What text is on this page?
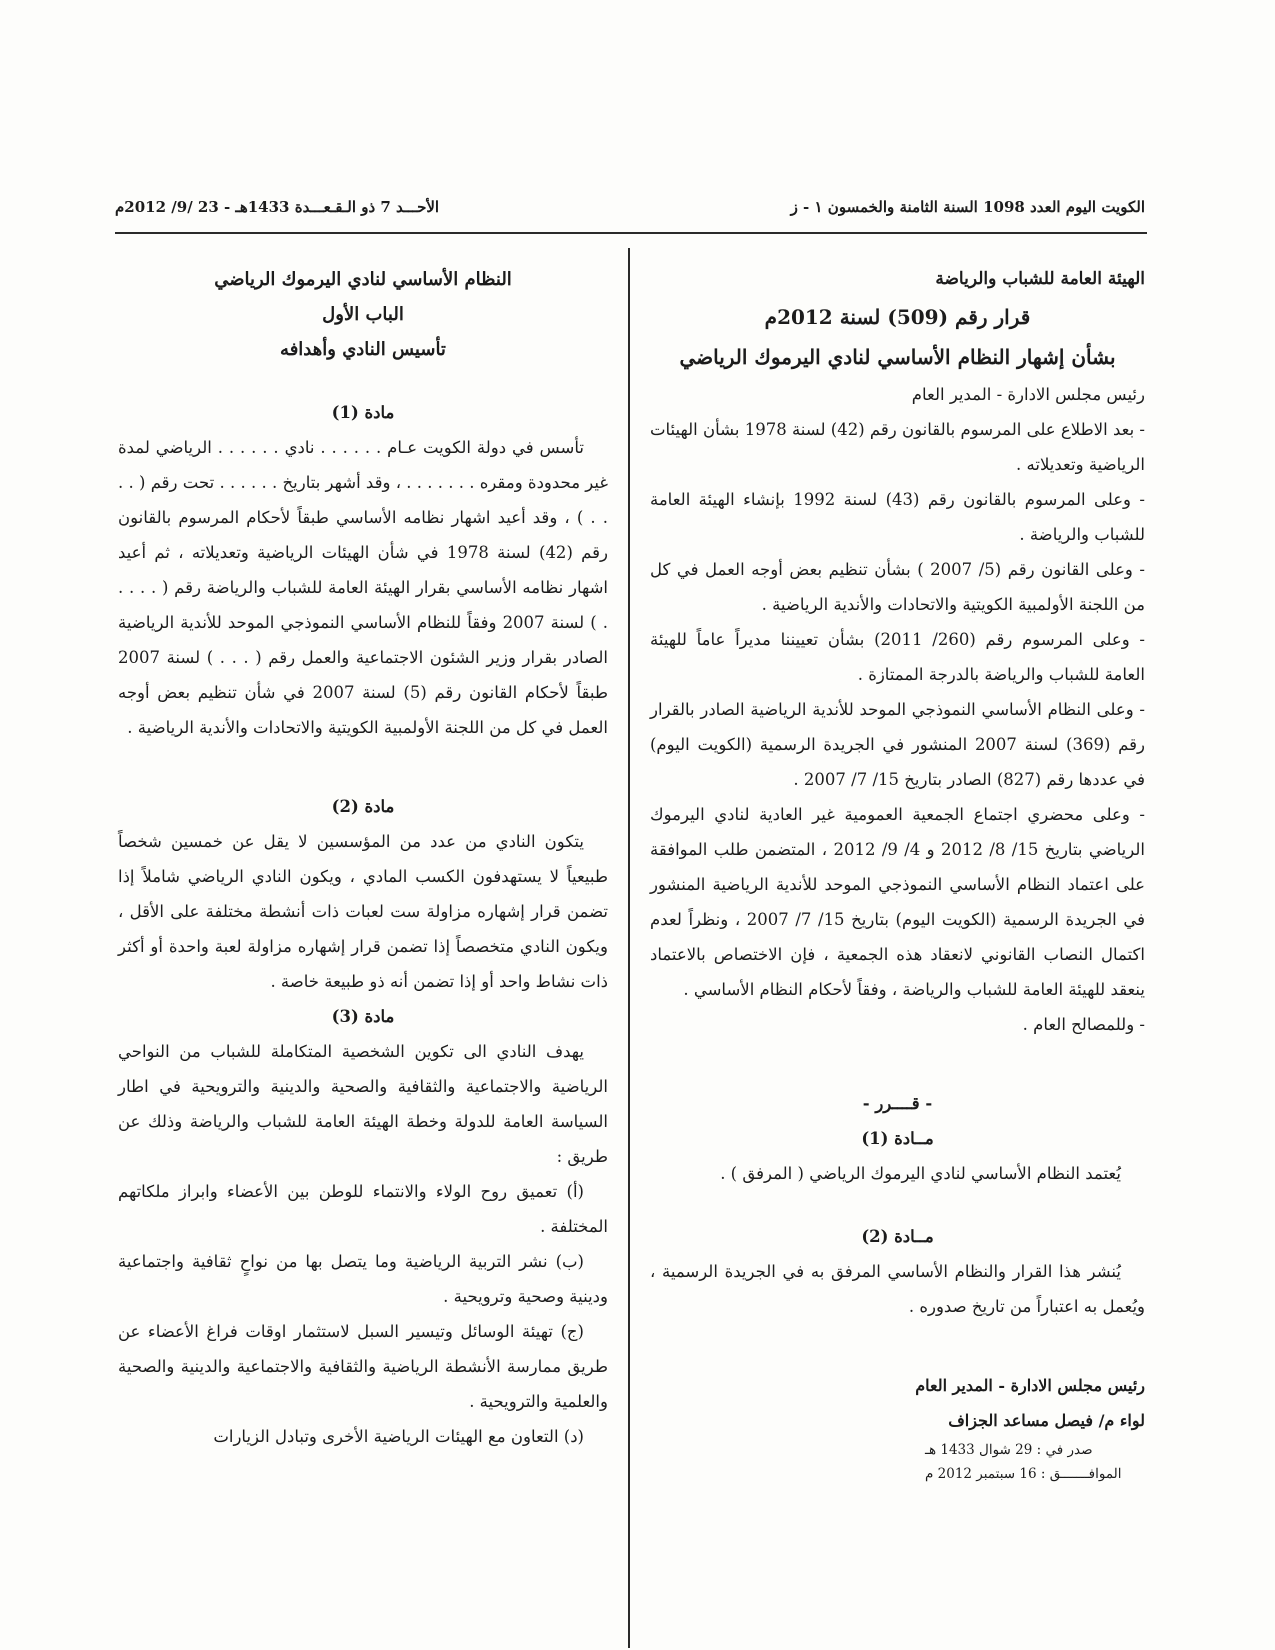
الكويت اليوم العدد 1098 السنة الثامنة والخمسون ١ - ز
الأحـــد 7 ذو الـقـعـــدة 1433هـ - 23 /9/ 2012م

الهيئة العامة للشباب والرياضة

قرار رقم (509) لسنة 2012م

بشأن إشهار النظام الأساسي لنادي اليرموك الرياضي

رئيس مجلس الادارة - المدير العام

- بعد الاطلاع على المرسوم بالقانون رقم (42) لسنة 1978 بشأن الهيئات الرياضية وتعديلاته .

- وعلى المرسوم بالقانون رقم (43) لسنة 1992 بإنشاء الهيئة العامة للشباب والرياضة .

- وعلى القانون رقم (5/ 2007 ) بشأن تنظيم بعض أوجه العمل في كل من اللجنة الأولمبية الكويتية والاتحادات والأندية الرياضية .

- وعلى المرسوم رقم (260/ 2011) بشأن تعييننا مديراً عاماً للهيئة العامة للشباب والرياضة بالدرجة الممتازة .

- وعلى النظام الأساسي النموذجي الموحد للأندية الرياضية الصادر بالقرار رقم (369) لسنة 2007 المنشور في الجريدة الرسمية (الكويت اليوم) في عددها رقم (827) الصادر بتاريخ 15/ 7/ 2007 .

- وعلى محضري اجتماع الجمعية العمومية غير العادية لنادي اليرموك الرياضي بتاريخ 15/ 8/ 2012 و 4/ 9/ 2012 ، المتضمن طلب الموافقة على اعتماد النظام الأساسي النموذجي الموحد للأندية الرياضية المنشور في الجريدة الرسمية (الكويت اليوم) بتاريخ 15/ 7/ 2007 ، ونظراً لعدم اكتمال النصاب القانوني لانعقاد هذه الجمعية ، فإن الاختصاص بالاعتماد ينعقد للهيئة العامة للشباب والرياضة ، وفقاً لأحكام النظام الأساسي .

- وللمصالح العام .

- قــــرر -

مــادة (1)

يُعتمد النظام الأساسي لنادي اليرموك الرياضي ( المرفق ) .

مــادة (2)

يُنشر هذا القرار والنظام الأساسي المرفق به في الجريدة الرسمية ، ويُعمل به اعتباراً من تاريخ صدوره .

رئيس مجلس الادارة - المدير العام

لواء م/ فيصل مساعد الجزاف

صدر في : 29 شوال 1433 هـ

الموافـــــــق : 16 سبتمبر 2012 م

النظام الأساسي لنادي اليرموك الرياضي

الباب الأول

تأسيس النادي وأهدافه

مادة (1)

تأسس في دولة الكويت عـام . . . . . . نادي . . . . . . الرياضي لمدة غير محدودة ومقره . . . . . . . ، وقد أشهر بتاريخ . . . . . . تحت رقم ( . . . . ) ، وقد أعيد اشهار نظامه الأساسي طبقاً لأحكام المرسوم بالقانون رقم (42) لسنة 1978 في شأن الهيئات الرياضية وتعديلاته ، ثم أعيد اشهار نظامه الأساسي بقرار الهيئة العامة للشباب والرياضة رقم ( . . . . . ) لسنة 2007 وفقاً للنظام الأساسي النموذجي الموحد للأندية الرياضية الصادر بقرار وزير الشئون الاجتماعية والعمل رقم ( . . . ) لسنة 2007 طبقاً لأحكام القانون رقم (5) لسنة 2007 في شأن تنظيم بعض أوجه العمل في كل من اللجنة الأولمبية الكويتية والاتحادات والأندية الرياضية .

مادة (2)

يتكون النادي من عدد من المؤسسين لا يقل عن خمسين شخصاً طبيعياً لا يستهدفون الكسب المادي ، ويكون النادي الرياضي شاملاً إذا تضمن قرار إشهاره مزاولة ست لعبات ذات أنشطة مختلفة على الأقل ، ويكون النادي متخصصاً إذا تضمن قرار إشهاره مزاولة لعبة واحدة أو أكثر ذات نشاط واحد أو إذا تضمن أنه ذو طبيعة خاصة .

مادة (3)

يهدف النادي الى تكوين الشخصية المتكاملة للشباب من النواحي الرياضية والاجتماعية والثقافية والصحية والدينية والترويحية في اطار السياسة العامة للدولة وخطة الهيئة العامة للشباب والرياضة وذلك عن طريق :

(أ) تعميق روح الولاء والانتماء للوطن بين الأعضاء وابراز ملكاتهم المختلفة .

(ب) نشر التربية الرياضية وما يتصل بها من نواحٍ ثقافية واجتماعية ودينية وصحية وترويحية .

(ج) تهيئة الوسائل وتيسير السبل لاستثمار اوقات فراغ الأعضاء عن طريق ممارسة الأنشطة الرياضية والثقافية والاجتماعية والدينية والصحية والعلمية والترويحية .

(د) التعاون مع الهيئات الرياضية الأخرى وتبادل الزيارات
